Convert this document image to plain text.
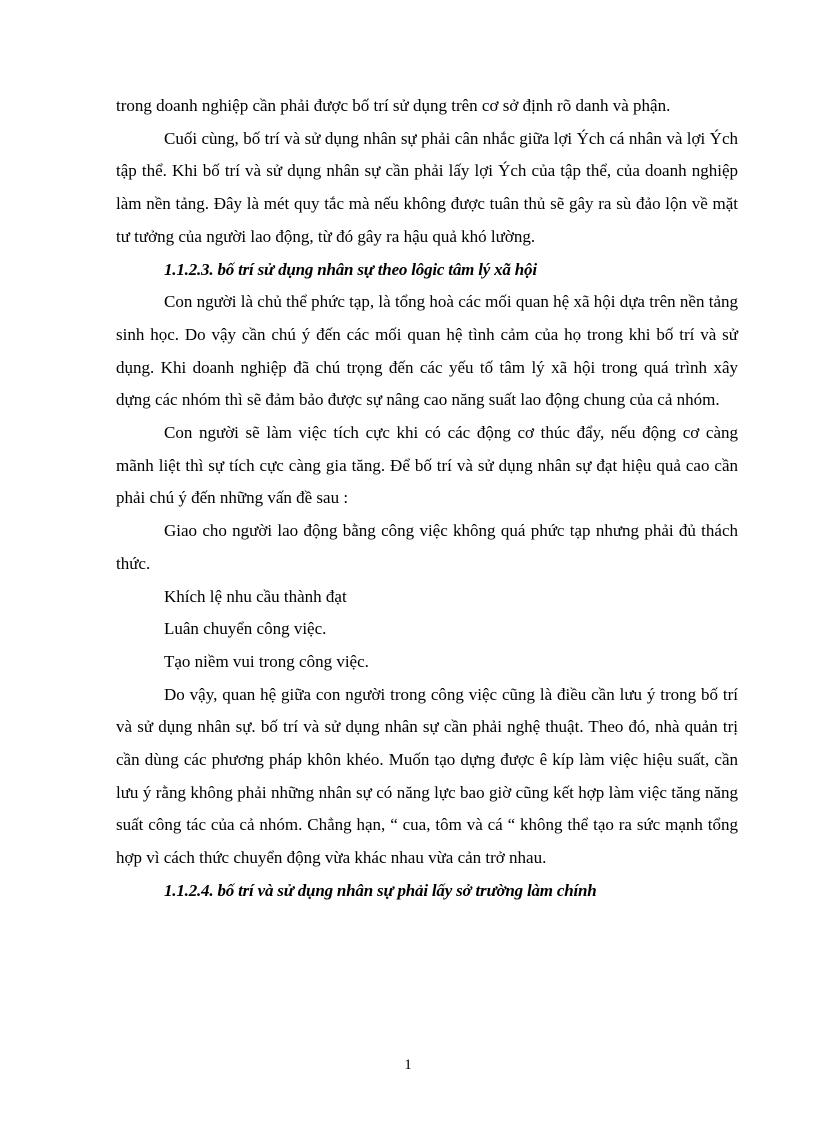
trong doanh nghiệp cần phải được bố trí sử dụng trên cơ sở định rõ danh và phận.

Cuối cùng, bố trí và sử dụng nhân sự phải cân nhắc giữa lợi Ých cá nhân và lợi Ých tập thể. Khi bố trí và sử dụng nhân sự cần phải lấy lợi Ých của tập thể, của doanh nghiệp làm nền tảng. Đây là mét quy tắc mà nếu không được tuân thủ sẽ gây ra sù đảo lộn về mặt tư tưởng của người lao động, từ đó gây ra hậu quả khó lường.

1.1.2.3. bố trí sử dụng nhân sự theo lôgic tâm lý xã hội

Con người là chủ thể phức tạp, là tổng hoà các mối quan hệ xã hội dựa trên nền tảng sinh học. Do vậy cần chú ý đến các mối quan hệ tình cảm của họ trong khi bố trí và sử dụng. Khi doanh nghiệp đã chú trọng đến các yếu tố tâm lý xã hội trong quá trình xây dựng các nhóm thì sẽ đảm bảo được sự nâng cao năng suất lao động chung của cả nhóm.

Con người sẽ làm việc tích cực khi có các động cơ thúc đẩy, nếu động cơ càng mãnh liệt thì sự tích cực càng gia tăng. Để bố trí và sử dụng nhân sự đạt hiệu quả cao cần phải chú ý đến những vấn đề sau :

Giao cho người lao động bằng công việc không quá phức tạp nhưng phải đủ thách thức.

Khích lệ nhu cầu thành đạt

Luân chuyển công việc.

Tạo niềm vui trong công việc.

Do vậy, quan hệ giữa con người trong công việc cũng là điều cần lưu ý trong bố trí và sử dụng nhân sự. bố trí và sử dụng nhân sự cần phải nghệ thuật. Theo đó, nhà quản trị cần dùng các phương pháp khôn khéo. Muốn tạo dựng được ê kíp làm việc hiệu suất, cần lưu ý rằng không phải những nhân sự có năng lực bao giờ cũng kết hợp làm việc tăng năng suất công tác của cả nhóm. Chẳng hạn, “ cua, tôm và cá “ không thể tạo ra sức mạnh tổng hợp vì cách thức chuyển động vừa khác nhau vừa cản trở nhau.

1.1.2.4. bố trí và sử dụng nhân sự phải lấy sở trường làm chính

1
